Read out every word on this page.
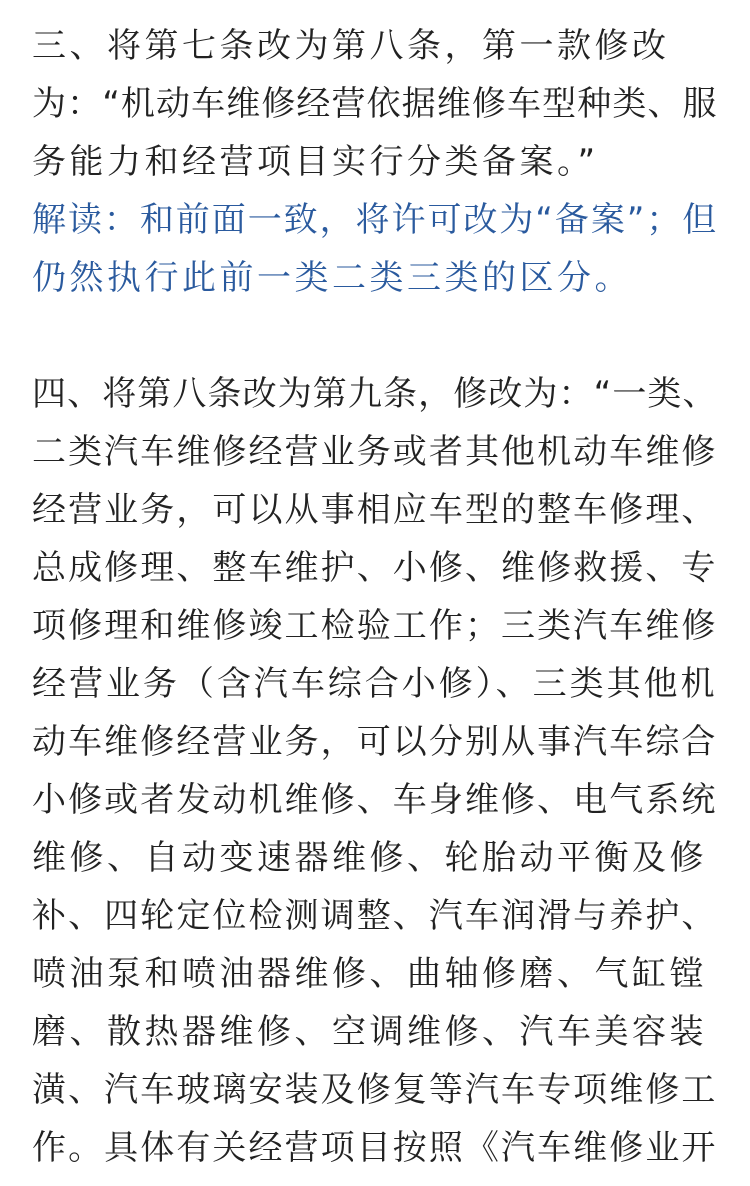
三、将第七条改为第八条，第一款修改
为：“机动车维修经营依据维修车型种类、服
务能力和经营项目实行分类备案。”
解读：和前面一致，将许可改为“备案”；但
仍然执行此前一类二类三类的区分。
四、将第八条改为第九条，修改为：“一类、
二类汽车维修经营业务或者其他机动车维修
经营业务，可以从事相应车型的整车修理、
总成修理、整车维护、小修、维修救援、专
项修理和维修竣工检验工作；三类汽车维修
经营业务（含汽车综合小修）、三类其他机
动车维修经营业务，可以分别从事汽车综合
小修或者发动机维修、车身维修、电气系统
维修、自动变速器维修、轮胎动平衡及修
补、四轮定位检测调整、汽车润滑与养护、
喷油泵和喷油器维修、曲轴修磨、气缸镗
磨、散热器维修、空调维修、汽车美容装
潢、汽车玻璃安装及修复等汽车专项维修工
作。具体有关经营项目按照《汽车维修业开
